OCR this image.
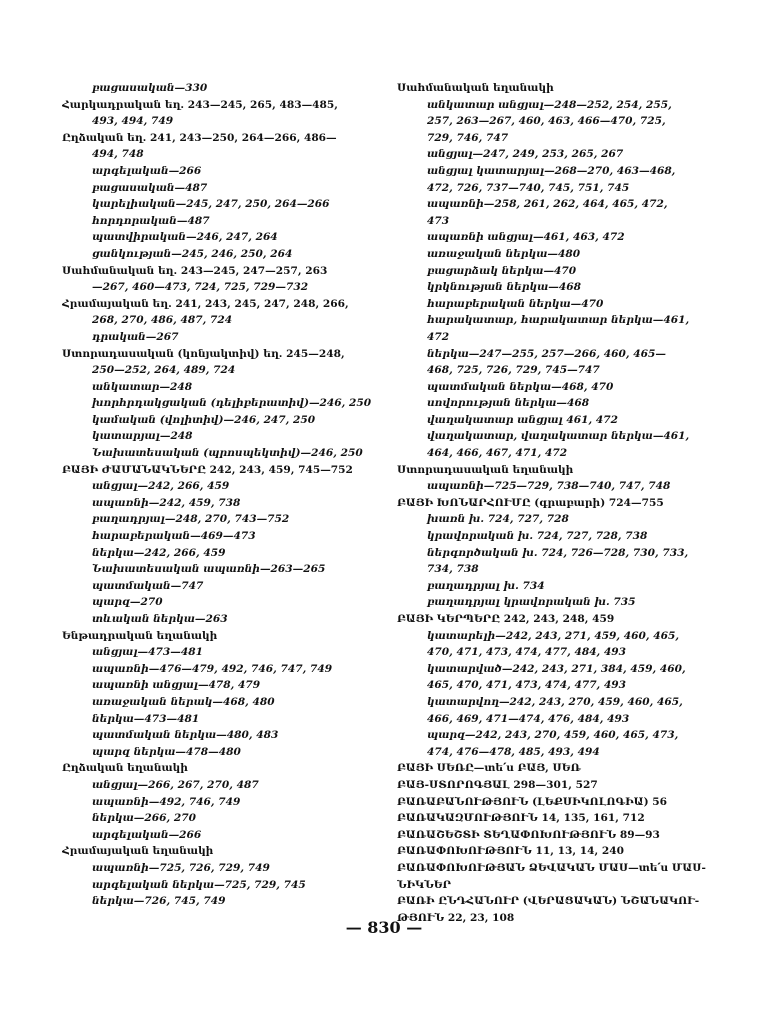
բացասական—330
Հարկադրական եղ. 243—245, 265, 483—485,
493, 494, 749
Ըղձական եղ. 241, 243—250, 264—266, 486—
494, 748
արգելական—266
բացասական—487
կարելիական—245, 247, 250, 264—266
հորդորական—487
պատվիրական—246, 247, 264
ցանկության—245, 246, 250, 264
Սահմանական եղ. 243—245, 247—257, 263
—267, 460—473, 724, 725, 729—732
Հրամայական եղ. 241, 243, 245, 247, 248, 266,
268, 270, 486, 487, 724
դրական—267
Ստորադասական (կոնյակտիվ) եղ. 245—248,
250—252, 264, 489, 724
անկատար—248
խորհրդակցական (դելիբերատիվ)—246, 250
կամական (վոլիտիվ)—246, 247, 250
կատարյալ—248
Նախատեսական (պրոսպեկտիվ)—246, 250
ԲԱՅԻ ԺԱՄԱՆԱԿՆԵՐԸ 242, 243, 459, 745—752
անցյալ—242, 266, 459
ապառնի—242, 459, 738
բաղադրյալ—248, 270, 743—752
հարաբերական—469—473
ներկա—242, 266, 459
Նախատեսական ապառնի—263—265
պատմական—747
պարզ—270
տևական ներկա—263
Ենթադրական եղանակի
անցյալ—473—481
ապառնի—476—479, 492, 746, 747, 749
ապառնի անցյալ—478, 479
առաջական ներակ—468, 480
ներկա—473—481
պատմական ներկա—480, 483
պարզ ներկա—478—480
Ըղձական եղանակի
անցյալ—266, 267, 270, 487
ապառնի—492, 746, 749
ներկա—266, 270
արգելական—266
Հրամայական եղանակի
ապառնի—725, 726, 729, 749
արգելական ներկա—725, 729, 745
ներկա—726, 745, 749
Սահմանական եղանակի
անկատար անցյալ—248—252, 254, 255,
257, 263—267, 460, 463, 466—470, 725,
729, 746, 747
անցյալ—247, 249, 253, 265, 267
անցյալ կատարյալ—268—270, 463—468,
472, 726, 737—740, 745, 751, 745
ապառնի—258, 261, 262, 464, 465, 472,
473
ապառնի անցյալ—461, 463, 472
առաջական ներկա—480
բացարձակ ներկա—470
կրկնության ներկա—468
հարաբերական ներկա—470
հարակատար, հարակատար ներկա—461,
472
ներկա—247—255, 257—266, 460, 465—
468, 725, 726, 729, 745—747
պատմական ներկա—468, 470
սովորության ներկա—468
վաղակատար անցյալ 461, 472
վաղակատար, վաղակատար ներկա—461,
464, 466, 467, 471, 472
Ստորադասական եղանակի
ապառնի—725—729, 738—740, 747, 748
ԲԱՅԻ ԽՈՆԱՐՀՈՒՄԸ (գրաբարի) 724—755
խառն խ. 724, 727, 728
կրավորական խ. 724, 727, 728, 738
ներգործական խ. 724, 726—728, 730, 733,
734, 738
բաղադրյալ խ. 734
բաղադրյալ կրավորական խ. 735
ԲԱՅԻ ԿԵՐՊԵՐԸ 242, 243, 248, 459
կատարելի—242, 243, 271, 459, 460, 465,
470, 471, 473, 474, 477, 484, 493
կատարված—242, 243, 271, 384, 459, 460,
465, 470, 471, 473, 474, 477, 493
կատարվող—242, 243, 270, 459, 460, 465,
466, 469, 471—474, 476, 484, 493
պարզ—242, 243, 270, 459, 460, 465, 473,
474, 476—478, 485, 493, 494
ԲԱՅԻ ՍԵՌԸ—տե՛ս ԲԱՅ, ՍԵՌ
ԲԱՅ-ՍՏՈՐՈԳՅԱԼ 298—301, 527
ԲԱՌԱԲԱՆՈՒԹՅՈՒՆ (ԼԵՔՍԻԿՈԼՈԳԻԱ) 56
ԲԱՌԱԿԱԶՄՈՒԹՅՈՒՆ 14, 135, 161, 712
ԲԱՌԱՇԵՇՏԻ ՏԵՂԱՓՈԽՈՒԹՅՈՒՆ 89—93
ԲԱՌԱՓՈԽՈՒԹՅՈՒՆ 11, 13, 14, 240
ԲԱՌԱՓՈԽՈՒԹՅԱՆ ՁԵՎԱԿԱՆ ՄԱՍ—տե՛ս ՄԱՍ-
ՆԻԿՆԵՐ
ԲԱՌԻ ԸՆԴՀԱՆՈՒՐ (ՎԵՐԱՑԱԿԱՆ) ՆՇԱՆԱԿՈՒ-
ԹՅՈՒՆ 22, 23, 108
— 830 —
